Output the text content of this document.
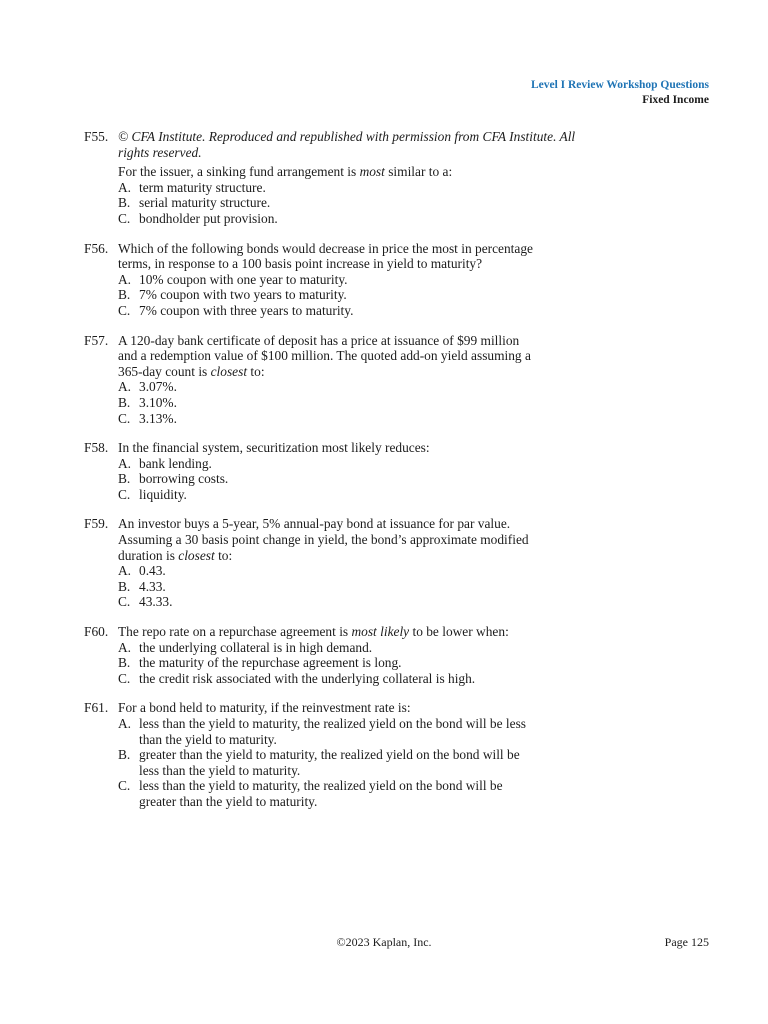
Level I Review Workshop Questions
Fixed Income
F55. © CFA Institute. Reproduced and republished with permission from CFA Institute. All
rights reserved.
For the issuer, a sinking fund arrangement is most similar to a:
A. term maturity structure.
B. serial maturity structure.
C. bondholder put provision.
F56. Which of the following bonds would decrease in price the most in percentage
terms, in response to a 100 basis point increase in yield to maturity?
A. 10% coupon with one year to maturity.
B. 7% coupon with two years to maturity.
C. 7% coupon with three years to maturity.
F57. A 120-day bank certificate of deposit has a price at issuance of $99 million
and a redemption value of $100 million. The quoted add-on yield assuming a
365-day count is closest to:
A. 3.07%.
B. 3.10%.
C. 3.13%.
F58. In the financial system, securitization most likely reduces:
A. bank lending.
B. borrowing costs.
C. liquidity.
F59. An investor buys a 5-year, 5% annual-pay bond at issuance for par value.
Assuming a 30 basis point change in yield, the bond’s approximate modified
duration is closest to:
A. 0.43.
B. 4.33.
C. 43.33.
F60. The repo rate on a repurchase agreement is most likely to be lower when:
A. the underlying collateral is in high demand.
B. the maturity of the repurchase agreement is long.
C. the credit risk associated with the underlying collateral is high.
F61. For a bond held to maturity, if the reinvestment rate is:
A. less than the yield to maturity, the realized yield on the bond will be less
than the yield to maturity.
B. greater than the yield to maturity, the realized yield on the bond will be
less than the yield to maturity.
C. less than the yield to maturity, the realized yield on the bond will be
greater than the yield to maturity.
©2023 Kaplan, Inc.	Page 125
